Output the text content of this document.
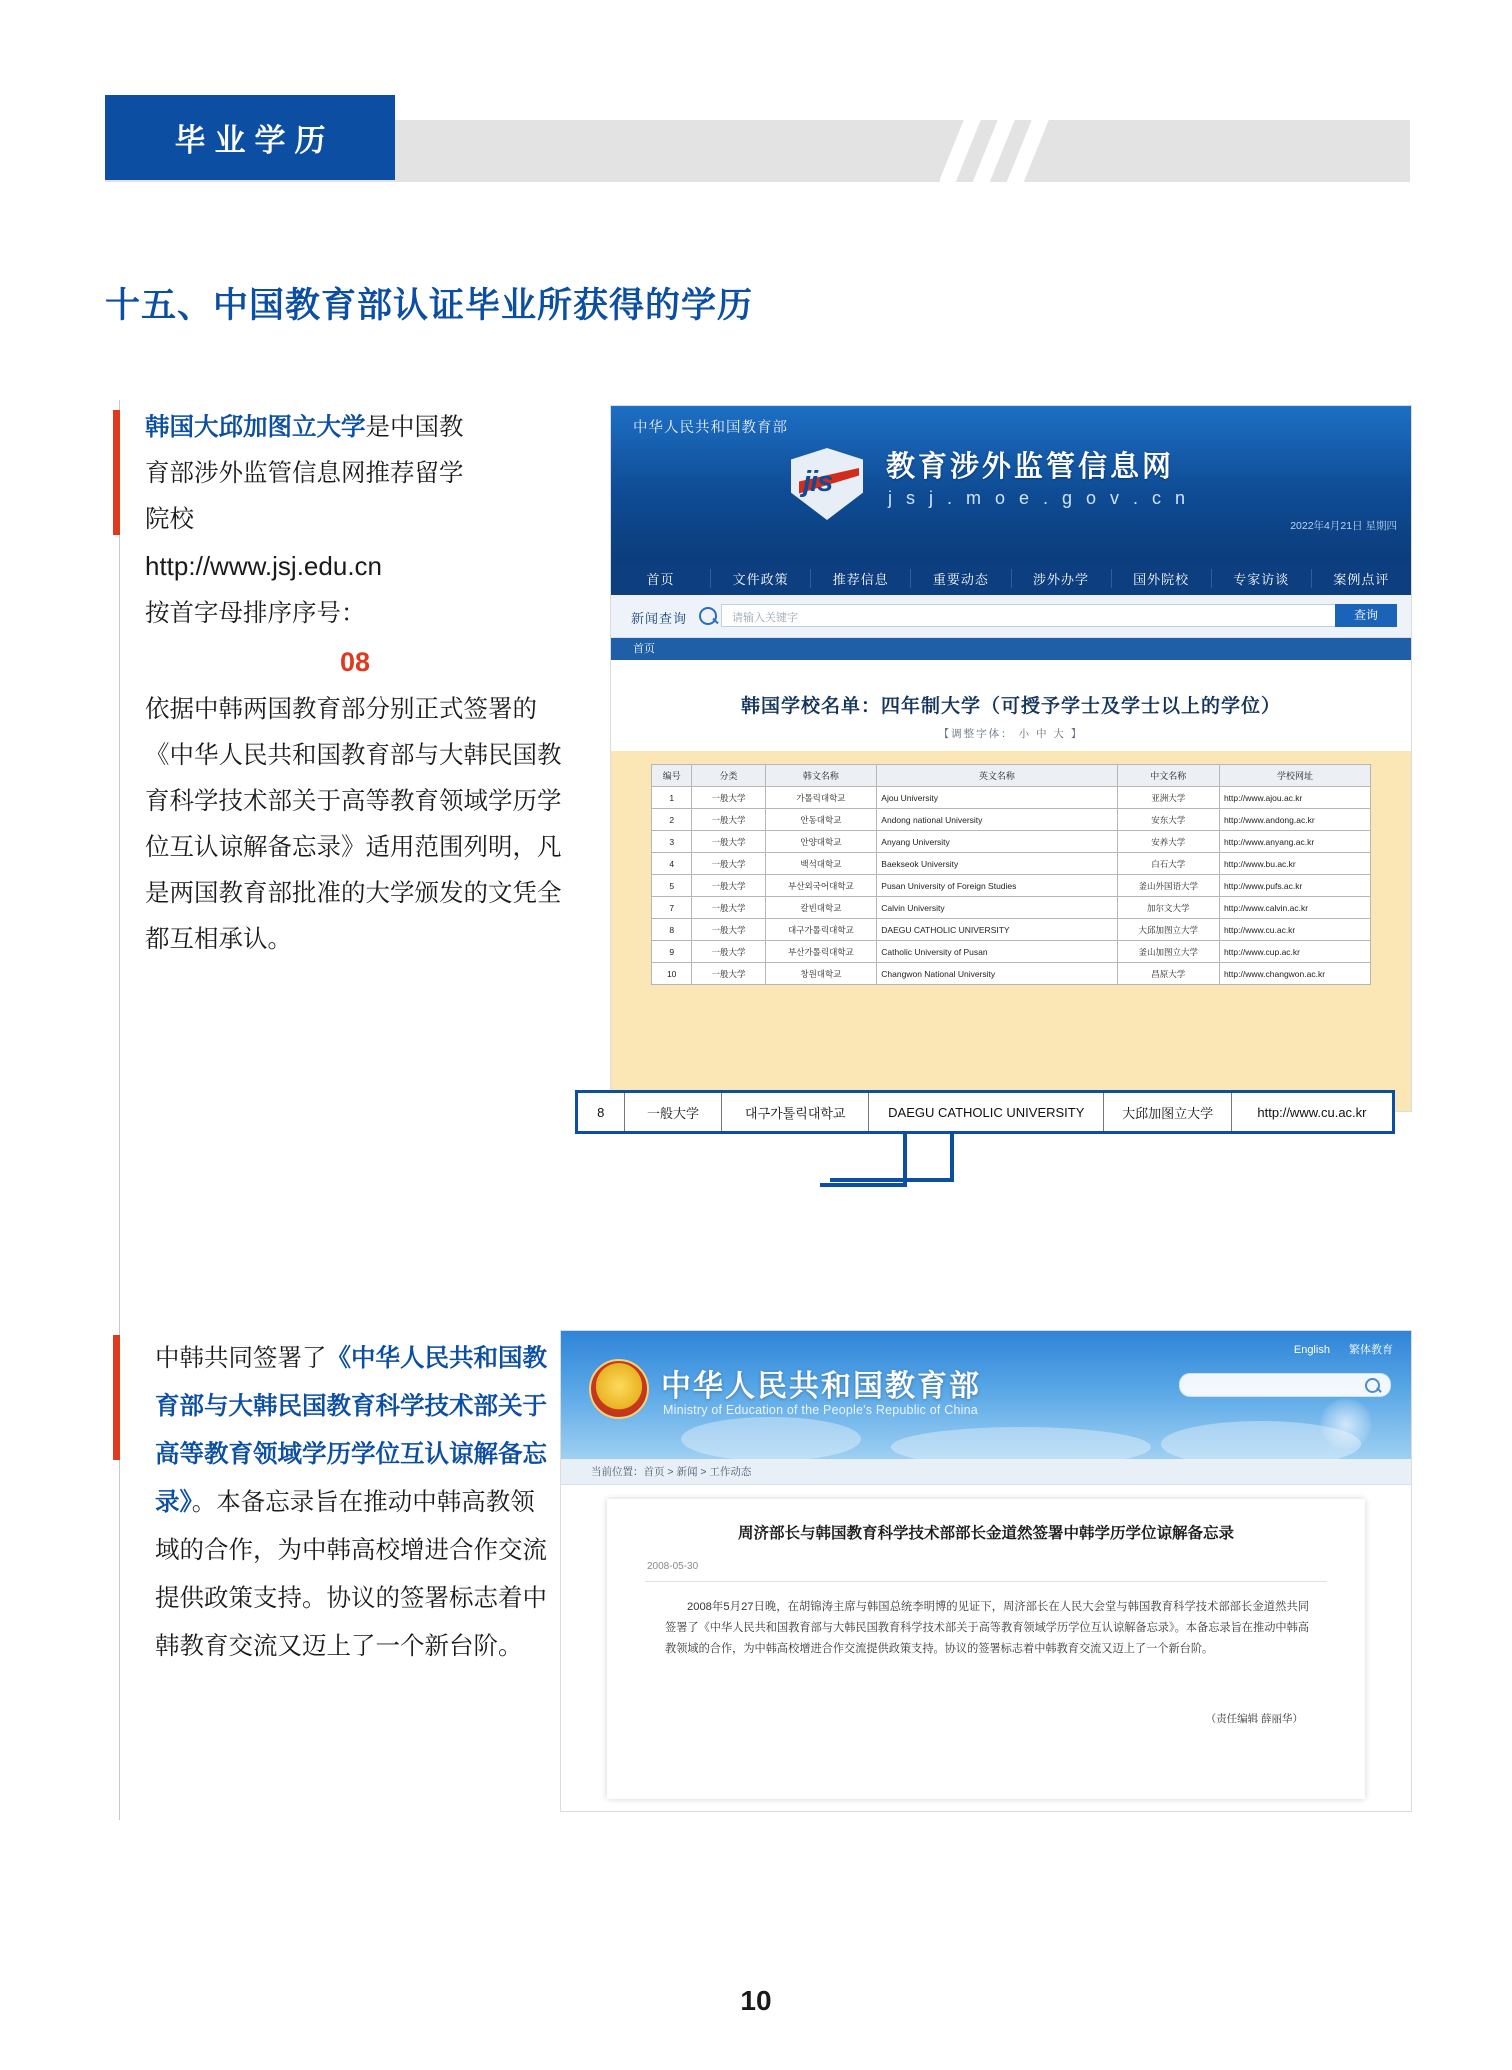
毕业学历
十五、中国教育部认证毕业所获得的学历
韩国大邱加图立大学是中国教
育部涉外监管信息网推荐留学
院校
http://www.jsj.edu.cn
按首字母排序序号：
08
依据中韩两国教育部分别正式签署的《中华人民共和国教育部与大韩民国教育科学技术部关于高等教育领域学历学位互认谅解备忘录》适用范围列明，凡是两国教育部批准的大学颁发的文凭全都互相承认。
中韩共同签署了《中华人民共和国教育部与大韩民国教育科学技术部关于高等教育领域学历学位互认谅解备忘录》。本备忘录旨在推动中韩高教领域的合作，为中韩高校增进合作交流提供政策支持。协议的签署标志着中韩教育交流又迈上了一个新台阶。
中华人民共和国教育部
jis 教育涉外监管信息网
j s j . m o e . g o v . c n
2022年4月21日 星期四
首页	文件政策	推荐信息	重要动态	涉外办学	国外院校	专家访谈	案例点评
新闻查询	请输入关键字	查询
首页
韩国学校名单：四年制大学（可授予学士及学士以上的学位）
【调整字体： 小 中 大 】
编号	分类	韩文名称	英文名称	中文名称	学校网址
1	一般大学	가톨릭대학교	Ajou University	亚洲大学	http://www.ajou.ac.kr
2	一般大学	안동대학교	Andong national University	安东大学	http://www.andong.ac.kr
3	一般大学	안양대학교	Anyang University	安养大学	http://www.anyang.ac.kr
4	一般大学	백석대학교	Baekseok University	白石大学	http://www.bu.ac.kr
5	一般大学	부산외국어대학교	Pusan University of Foreign Studies	釜山外国语大学	http://www.pufs.ac.kr
7	一般大学	칼빈대학교	Calvin University	加尔文大学	http://www.calvin.ac.kr
8	一般大学	대구가톨릭대학교	DAEGU CATHOLIC UNIVERSITY	大邱加图立大学	http://www.cu.ac.kr
9	一般大学	부산가톨릭대학교	Catholic University of Pusan	釜山加图立大学	http://www.cup.ac.kr
10	一般大学	창원대학교	Changwon National University	昌原大学	http://www.changwon.ac.kr
8	一般大学	대구가톨릭대학교	DAEGU CATHOLIC UNIVERSITY	大邱加图立大学	http://www.cu.ac.kr
中华人民共和国教育部
Ministry of Education of the People's Republic of China
English 繁体教育
当前位置：首页 > 新闻 > 工作动态
周济部长与韩国教育科学技术部部长金道然签署中韩学历学位谅解备忘录
2008-05-30
2008年5月27日晚，在胡锦涛主席与韩国总统李明博的见证下，周济部长在人民大会堂与韩国教育科学技术部部长金道然共同签署了《中华人民共和国教育部与大韩民国教育科学技术部关于高等教育领域学历学位互认谅解备忘录》。本备忘录旨在推动中韩高教领域的合作，为中韩高校增进合作交流提供政策支持。协议的签署标志着中韩教育交流又迈上了一个新台阶。
（责任编辑 薛丽华）
10
